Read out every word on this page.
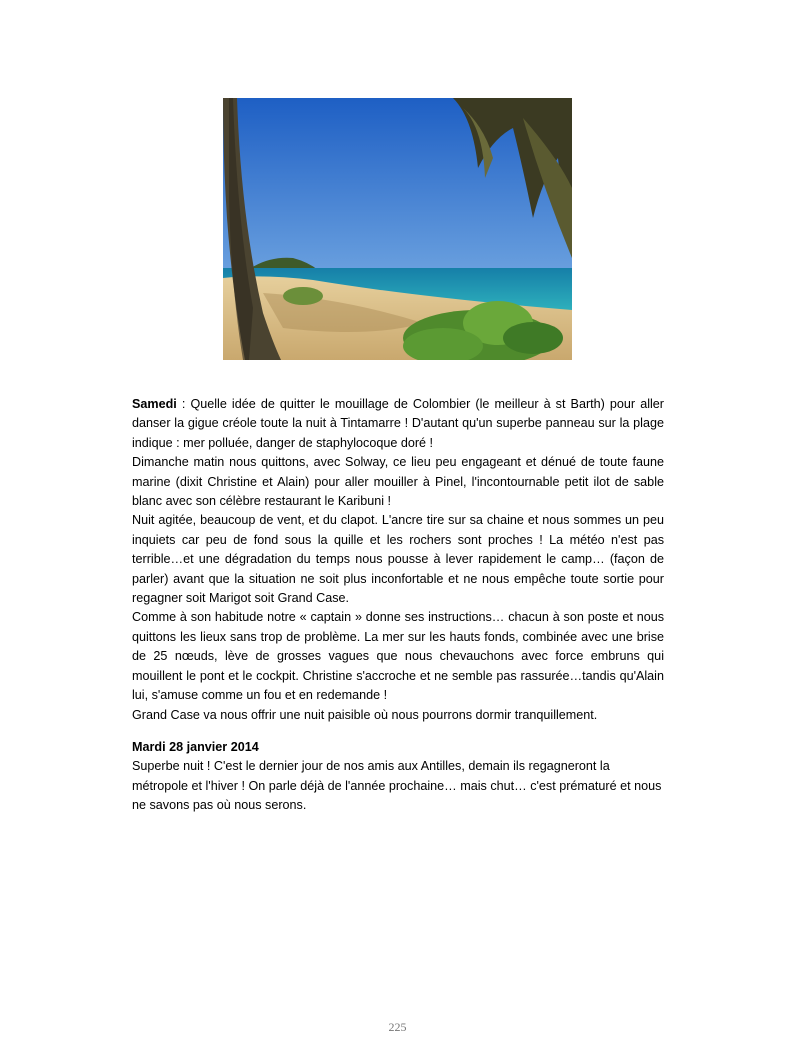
Samedi : Quelle idée de quitter le mouillage de Colombier (le meilleur à st Barth) pour aller danser la gigue créole toute la nuit à Tintamarre ! D'autant qu'un superbe panneau sur la plage indique : mer polluée, danger de staphylocoque doré !

Dimanche matin nous quittons, avec Solway, ce lieu peu engageant et dénué de toute faune marine (dixit Christine et Alain) pour aller mouiller à Pinel, l'incontournable petit ilot de sable blanc avec son célèbre restaurant le Karibuni !

Nuit agitée, beaucoup de vent, et du clapot. L'ancre tire sur sa chaine et nous sommes un peu inquiets car peu de fond sous la quille et les rochers sont proches ! La météo n'est pas terrible…et une dégradation du temps nous pousse à lever rapidement le camp… (façon de parler) avant que la situation ne soit plus inconfortable et ne nous empêche toute sortie pour regagner soit Marigot soit Grand Case.

Comme à son habitude notre « captain » donne ses instructions… chacun à son poste et nous quittons les lieux sans trop de problème. La mer sur les hauts fonds, combinée avec une brise de 25 nœuds, lève de grosses vagues que nous chevauchons avec force embruns qui mouillent le pont et le cockpit. Christine s'accroche et ne semble pas rassurée…tandis qu'Alain lui, s'amuse comme un fou et en redemande !

Grand Case va nous offrir une nuit paisible où nous pourrons dormir tranquillement.

Mardi 28 janvier 2014

Superbe nuit ! C'est le dernier jour de nos amis aux Antilles, demain ils regagneront la métropole et l'hiver ! On parle déjà de l'année prochaine… mais chut… c'est prématuré et nous ne savons pas où nous serons.

225
